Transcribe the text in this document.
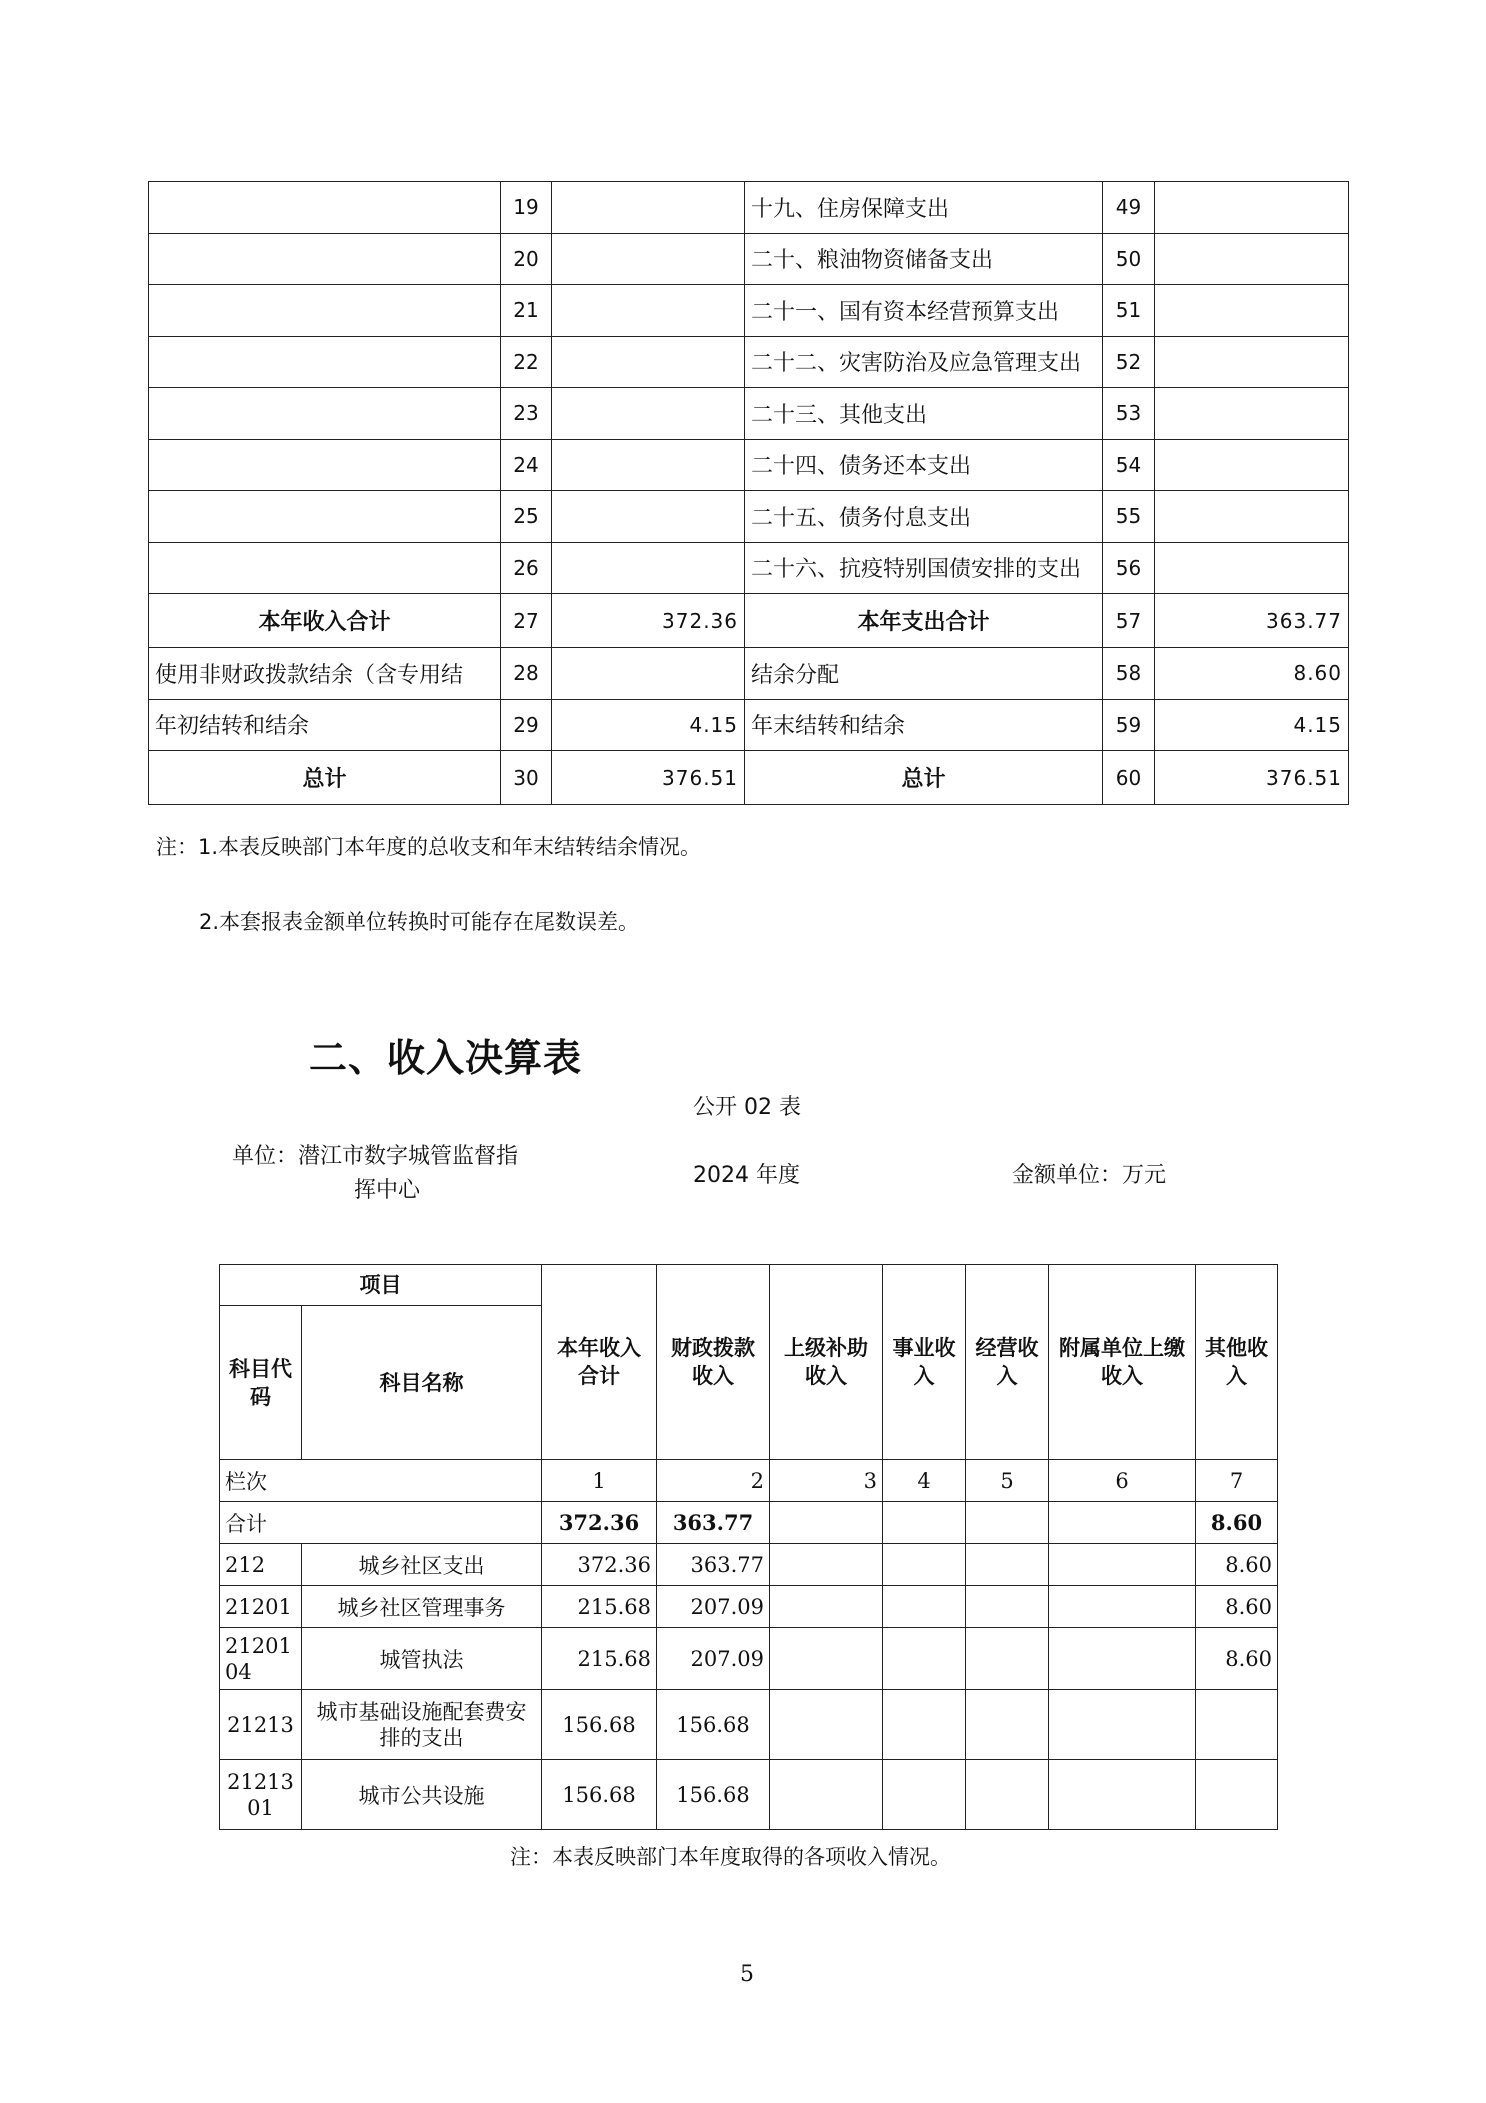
	19		十九、住房保障支出	49	
	20		二十、粮油物资储备支出	50	
	21		二十一、国有资本经营预算支出	51	
	22		二十二、灾害防治及应急管理支出	52	
	23		二十三、其他支出	53	
	24		二十四、债务还本支出	54	
	25		二十五、债务付息支出	55	
	26		二十六、抗疫特别国债安排的支出	56	
本年收入合计	27	372.36	本年支出合计	57	363.77
使用非财政拨款结余（含专用结	28		结余分配	58	8.60
年初结转和结余	29	4.15	年末结转和结余	59	4.15
总计	30	376.51	总计	60	376.51
注：1.本表反映部门本年度的总收支和年末结转结余情况。
2.本套报表金额单位转换时可能存在尾数误差。
二、收入决算表
公开 02 表
单位：潜江市数字城管监督指
挥中心
2024 年度	金额单位：万元
项目		本年收入合计	财政拨款收入	上级补助收入	事业收入	经营收入	附属单位上缴收入	其他收入
科目代码	科目名称							
栏次		1	2	3	4	5	6	7
合计		372.36	363.77					8.60
212	城乡社区支出	372.36	363.77					8.60
21201	城乡社区管理事务	215.68	207.09					8.60
2120104	城管执法	215.68	207.09					8.60
21213	城市基础设施配套费安排的支出	156.68	156.68					
2121301	城市公共设施	156.68	156.68					
注：本表反映部门本年度取得的各项收入情况。
5
